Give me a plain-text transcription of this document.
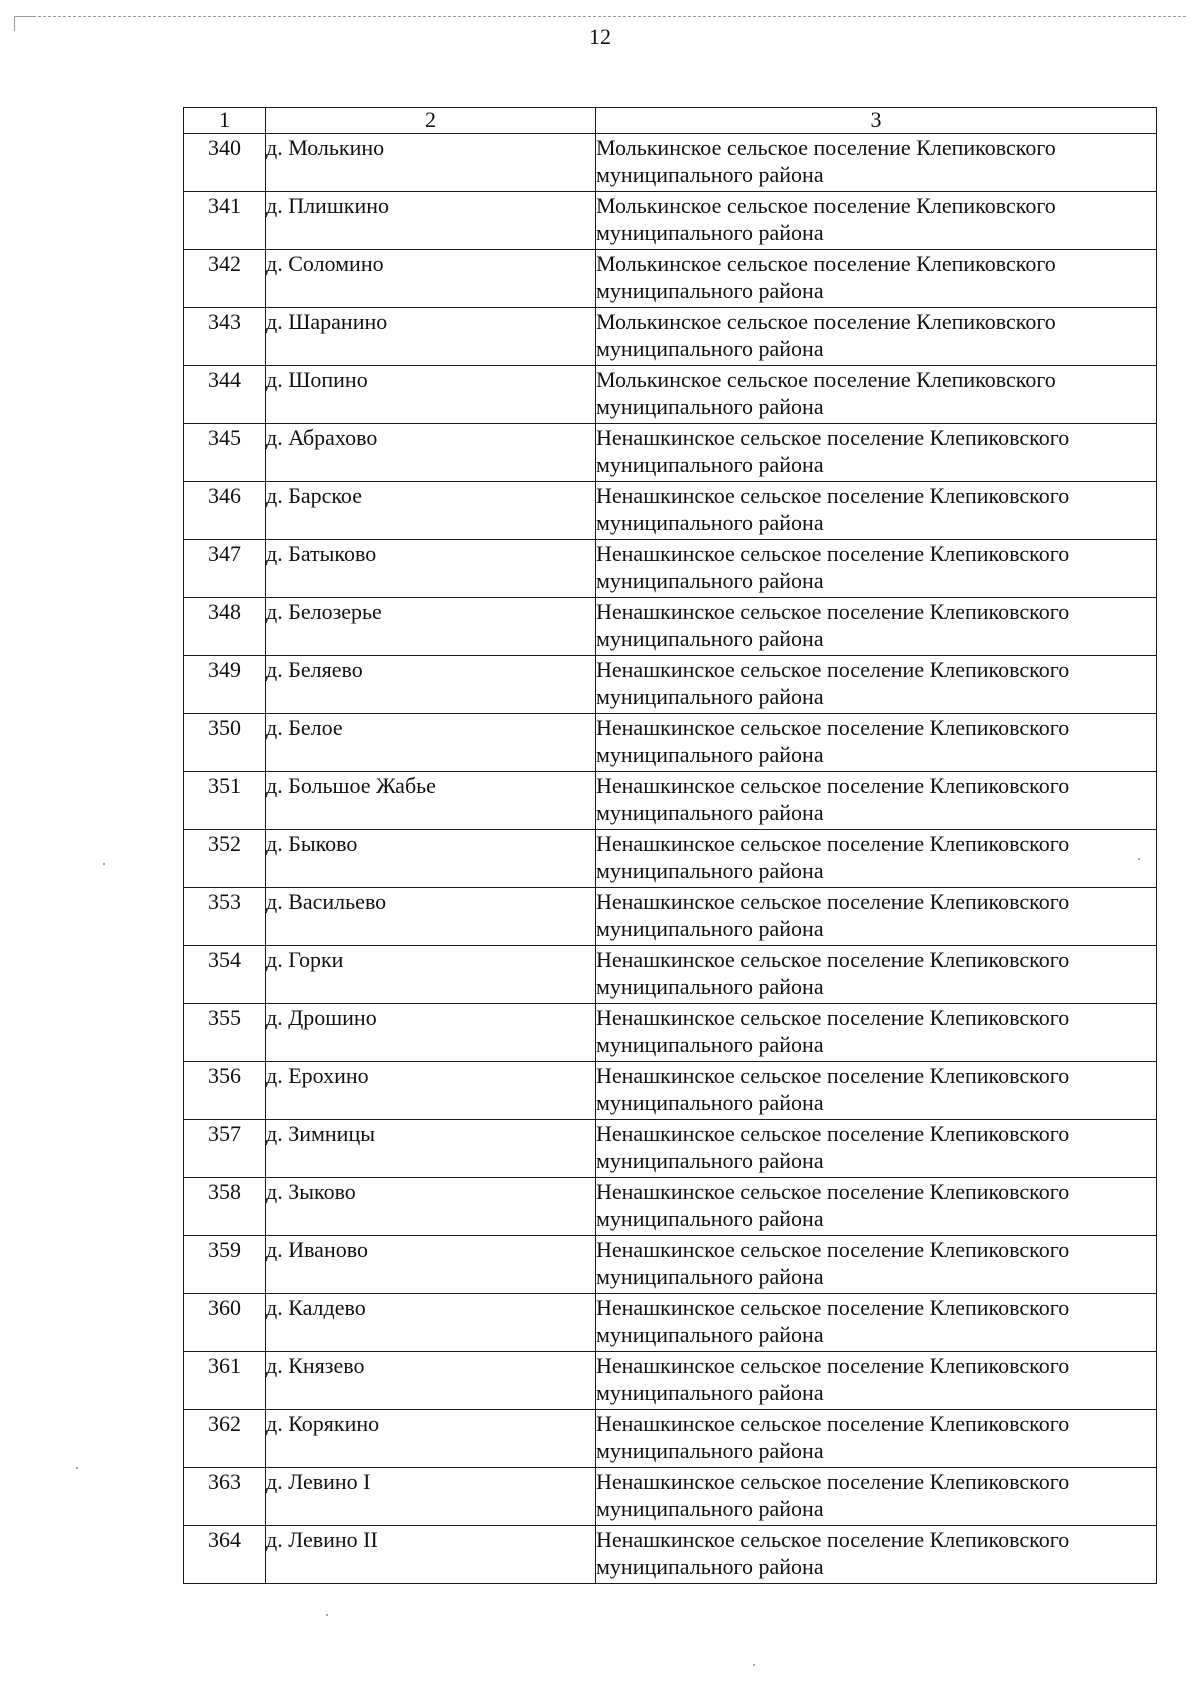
12
1	2	3
340	д. Молькино	Молькинское сельское поселение Клепиковского
муниципального района

341	д. Плишкино	Молькинское сельское поселение Клепиковского
муниципального района

342	д. Соломино	Молькинское сельское поселение Клепиковского
муниципального района

343	д. Шаранино	Молькинское сельское поселение Клепиковского
муниципального района

344	д. Шопино	Молькинское сельское поселение Клепиковского
муниципального района

345	д. Абрахово	Ненашкинское сельское поселение Клепиковского
муниципального района

346	д. Барское	Ненашкинское сельское поселение Клепиковского
муниципального района

347	д. Батыково	Ненашкинское сельское поселение Клепиковского
муниципального района

348	д. Белозерье	Ненашкинское сельское поселение Клепиковского
муниципального района

349	д. Беляево	Ненашкинское сельское поселение Клепиковского
муниципального района

350	д. Белое	Ненашкинское сельское поселение Клепиковского
муниципального района

351	д. Большое Жабье	Ненашкинское сельское поселение Клепиковского
муниципального района

352	д. Быково	Ненашкинское сельское поселение Клепиковского
муниципального района

353	д. Васильево	Ненашкинское сельское поселение Клепиковского
муниципального района

354	д. Горки	Ненашкинское сельское поселение Клепиковского
муниципального района

355	д. Дрошино	Ненашкинское сельское поселение Клепиковского
муниципального района

356	д. Ерохино	Ненашкинское сельское поселение Клепиковского
муниципального района

357	д. Зимницы	Ненашкинское сельское поселение Клепиковского
муниципального района

358	д. Зыково	Ненашкинское сельское поселение Клепиковского
муниципального района

359	д. Иваново	Ненашкинское сельское поселение Клепиковского
муниципального района

360	д. Калдево	Ненашкинское сельское поселение Клепиковского
муниципального района

361	д. Князево	Ненашкинское сельское поселение Клепиковского
муниципального района

362	д. Корякино	Ненашкинское сельское поселение Клепиковского
муниципального района

363	д. Левино I	Ненашкинское сельское поселение Клепиковского
муниципального района

364	д. Левино II	Ненашкинское сельское поселение Клепиковского
муниципального района
